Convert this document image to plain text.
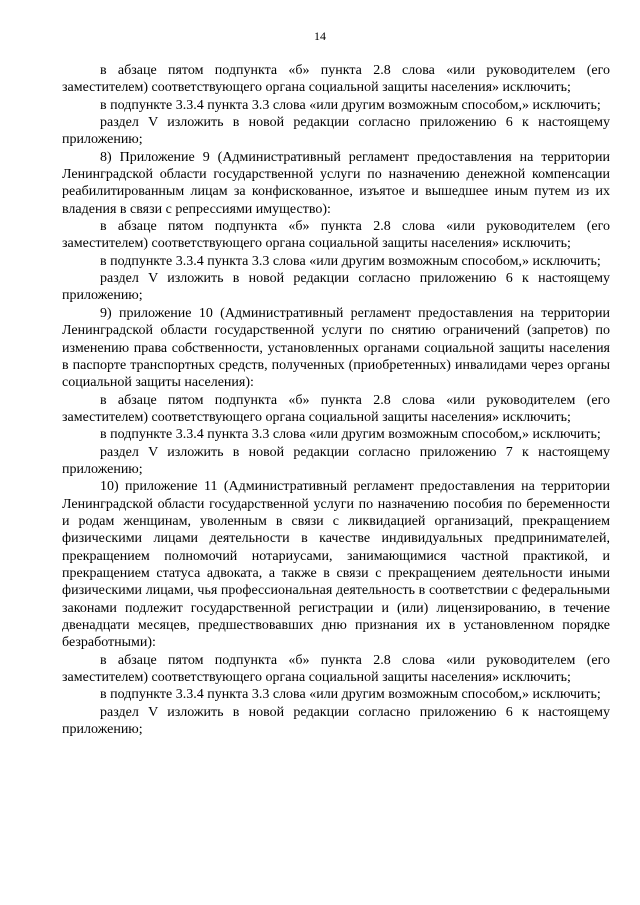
14

в абзаце пятом подпункта «б» пункта 2.8 слова «или руководителем (его заместителем) соответствующего органа социальной защиты населения» исключить;

в подпункте 3.3.4 пункта 3.3 слова «или другим возможным способом,» исключить;

раздел V изложить в новой редакции согласно приложению 6 к настоящему приложению;

8) Приложение 9 (Административный регламент предоставления на территории Ленинградской области государственной услуги по назначению денежной компенсации реабилитированным лицам за конфискованное, изъятое и вышедшее иным путем из их владения в связи с репрессиями имущество):

в абзаце пятом подпункта «б» пункта 2.8 слова «или руководителем (его заместителем) соответствующего органа социальной защиты населения» исключить;

в подпункте 3.3.4 пункта 3.3 слова «или другим возможным способом,» исключить;

раздел V изложить в новой редакции согласно приложению 6 к настоящему приложению;

9) приложение 10 (Административный регламент предоставления на территории Ленинградской области государственной услуги по снятию ограничений (запретов) по изменению права собственности, установленных органами социальной защиты населения в паспорте транспортных средств, полученных (приобретенных) инвалидами через органы социальной защиты населения):

в абзаце пятом подпункта «б» пункта 2.8 слова «или руководителем (его заместителем) соответствующего органа социальной защиты населения» исключить;

в подпункте 3.3.4 пункта 3.3 слова «или другим возможным способом,» исключить;

раздел V изложить в новой редакции согласно приложению 7 к настоящему приложению;

10) приложение 11 (Административный регламент предоставления на территории Ленинградской области государственной услуги по назначению пособия по беременности и родам женщинам, уволенным в связи с ликвидацией организаций, прекращением физическими лицами деятельности в качестве индивидуальных предпринимателей, прекращением полномочий нотариусами, занимающимися частной практикой, и прекращением статуса адвоката, а также в связи с прекращением деятельности иными физическими лицами, чья профессиональная деятельность в соответствии с федеральными законами подлежит государственной регистрации и (или) лицензированию, в течение двенадцати месяцев, предшествовавших дню признания их в установленном порядке безработными):

в абзаце пятом подпункта «б» пункта 2.8 слова «или руководителем (его заместителем) соответствующего органа социальной защиты населения» исключить;

в подпункте 3.3.4 пункта 3.3 слова «или другим возможным способом,» исключить;

раздел V изложить в новой редакции согласно приложению 6 к настоящему приложению;
